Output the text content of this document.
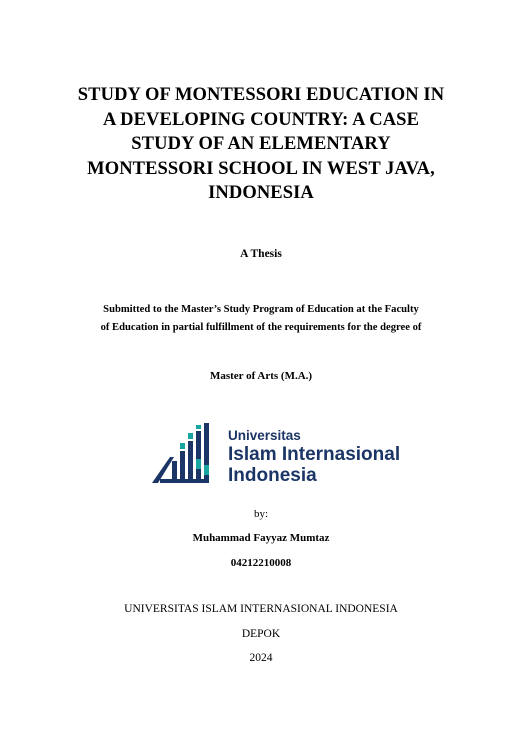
STUDY OF MONTESSORI EDUCATION IN
A DEVELOPING COUNTRY: A CASE
STUDY OF AN ELEMENTARY
MONTESSORI SCHOOL IN WEST JAVA,
INDONESIA
A Thesis
Submitted to the Master’s Study Program of Education at the Faculty
of Education in partial fulfillment of the requirements for the degree of
Master of Arts (M.A.)
Universitas
Islam Internasional
Indonesia
by:
Muhammad Fayyaz Mumtaz
04212210008
UNIVERSITAS ISLAM INTERNASIONAL INDONESIA
DEPOK
2024
